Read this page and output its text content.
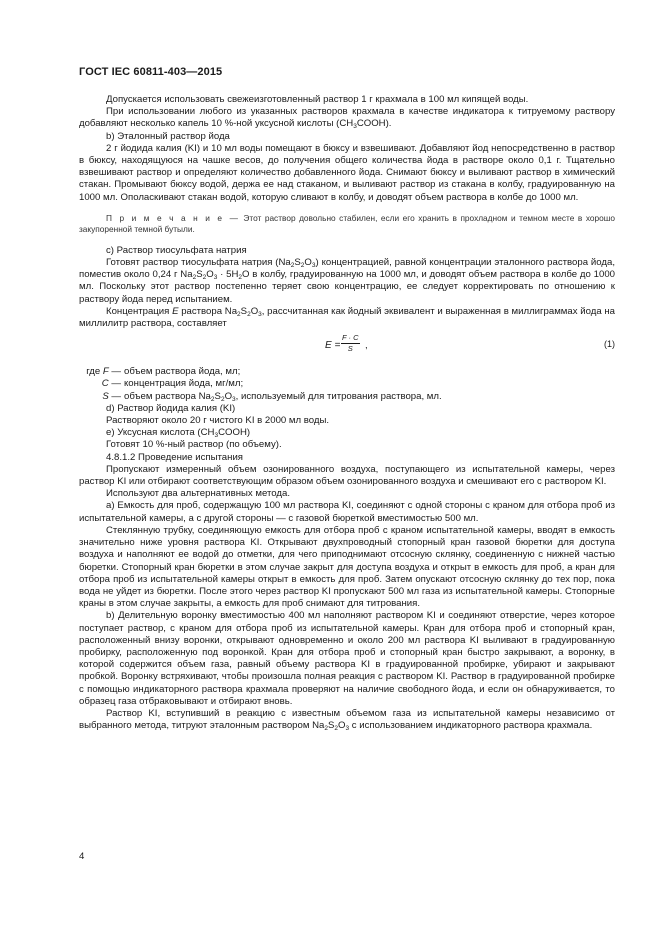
ГОСТ IEC 60811-403—2015

Допускается использовать свежеизготовленный раствор 1 г крахмала в 100 мл кипящей воды.

При использовании любого из указанных растворов крахмала в качестве индикатора к титруемому раствору добавляют несколько капель 10 %-ной уксусной кислоты $(CH_3COOH)$.

b) Эталонный раствор йода

2 г йодида калия (KI) и 10 мл воды помещают в бюксу и взвешивают. Добавляют йод непосредственно в раствор в бюксу, находящуюся на чашке весов, до получения общего количества йода в растворе около 0,1 г. Тщательно взвешивают раствор и определяют количество добавленного йода. Снимают бюксу и выливают раствор в химический стакан. Промывают бюксу водой, держа ее над стаканом, и выливают раствор из стакана в колбу, градуированную на 1000 мл. Ополаскивают стакан водой, которую сливают в колбу, и доводят объем раствора в колбе до 1000 мл.

П р и м е ч а н и е — Этот раствор довольно стабилен, если его хранить в прохладном и темном месте в хорошо закупоренной темной бутыли.

c) Раствор тиосульфата натрия

Готовят раствор тиосульфата натрия $(Na_2S_2O_3)$ концентрацией, равной концентрации эталонного раствора йода, поместив около 0,24 г $Na_2S_2O_3 \cdot 5H_2O$ в колбу, градуированную на 1000 мл, и доводят объем раствора в колбе до 1000 мл. Поскольку этот раствор постепенно теряет свою концентрацию, ее следует корректировать по отношению к раствору йода перед испытанием.

Концентрация E раствора $Na_2S_2O_3$, рассчитанная как йодный эквивалент и выраженная в миллиграммах йода на миллилитр раствора, составляет

$E = \frac{F \cdot C}{S}$ ,	(1)
где F — объем раствора йода, мл;
C — концентрация йода, мг/мл;
S — объем раствора $Na_2S_2O_3$, используемый для титрования раствора, мл.

d) Раствор йодида калия (KI)

Растворяют около 20 г чистого KI в 2000 мл воды.

e) Уксусная кислота $(CH_3COOH)$

Готовят 10 %-ный раствор (по объему).

4.8.1.2 Проведение испытания

Пропускают измеренный объем озонированного воздуха, поступающего из испытательной камеры, через раствор KI или отбирают соответствующим образом объем озонированного воздуха и смешивают его с раствором KI.

Используют два альтернативных метода.

a) Емкость для проб, содержащую 100 мл раствора KI, соединяют с одной стороны с краном для отбора проб из испытательной камеры, а с другой стороны — с газовой бюреткой вместимостью 500 мл.

Стеклянную трубку, соединяющую емкость для отбора проб с краном испытательной камеры, вводят в емкость значительно ниже уровня раствора KI. Открывают двухпроводный стопорный кран газовой бюретки для доступа воздуха и наполняют ее водой до отметки, для чего приподнимают отсосную склянку, соединенную с нижней частью бюретки. Стопорный кран бюретки в этом случае закрыт для доступа воздуха и открыт в емкость для проб, а кран для отбора проб из испытательной камеры открыт в емкость для проб. Затем опускают отсосную склянку до тех пор, пока вода не уйдет из бюретки. После этого через раствор KI пропускают 500 мл газа из испытательной камеры. Стопорные краны в этом случае закрыты, а емкость для проб снимают для титрования.

b) Делительную воронку вместимостью 400 мл наполняют раствором KI и соединяют отверстие, через которое поступает раствор, с краном для отбора проб из испытательной камеры. Кран для отбора проб и стопорный кран, расположенный внизу воронки, открывают одновременно и около 200 мл раствора KI выливают в градуированную пробирку, расположенную под воронкой. Кран для отбора проб и стопорный кран быстро закрывают, а воронку, в которой содержится объем газа, равный объему раствора KI в градуированной пробирке, убирают и закрывают пробкой. Воронку встряхивают, чтобы произошла полная реакция с раствором KI. Раствор в градуированной пробирке с помощью индикаторного раствора крахмала проверяют на наличие свободного йода, и если он обнаруживается, то образец газа отбраковывают и отбирают вновь.

Раствор KI, вступивший в реакцию с известным объемом газа из испытательной камеры независимо от выбранного метода, титруют эталонным раствором $Na_2S_2O_3$ с использованием индикаторного раствора крахмала.

4
